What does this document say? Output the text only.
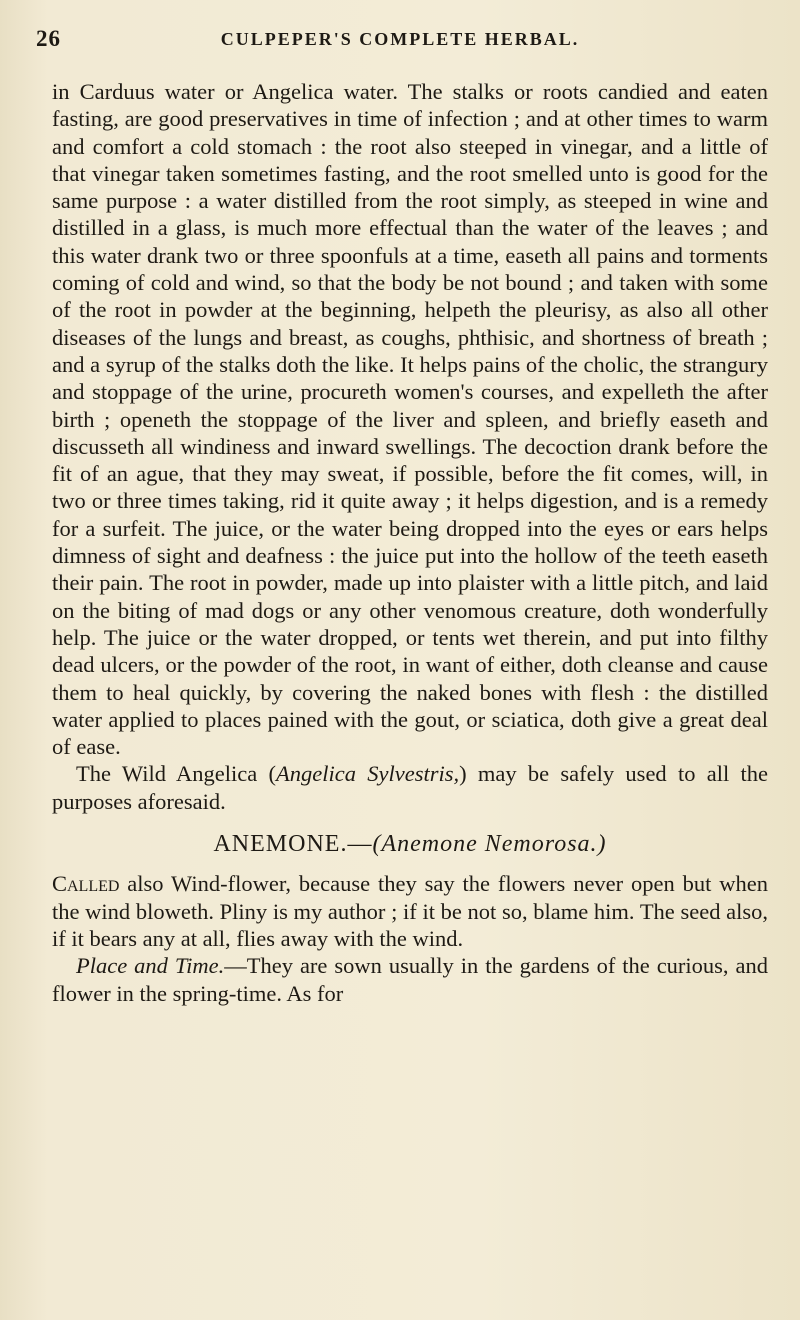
26	CULPEPER'S COMPLETE HERBAL.

in Carduus water or Angelica water. The stalks or roots candied and eaten fasting, are good preservatives in time of infection ; and at other times to warm and comfort a cold stomach : the root also steeped in vinegar, and a little of that vinegar taken sometimes fasting, and the root smelled unto is good for the same purpose : a water distilled from the root simply, as steeped in wine and distilled in a glass, is much more effectual than the water of the leaves ; and this water drank two or three spoonfuls at a time, easeth all pains and torments coming of cold and wind, so that the body be not bound ; and taken with some of the root in powder at the beginning, helpeth the pleurisy, as also all other diseases of the lungs and breast, as coughs, phthisic, and shortness of breath ; and a syrup of the stalks doth the like. It helps pains of the cholic, the strangury and stoppage of the urine, procureth women's courses, and expelleth the after birth ; openeth the stoppage of the liver and spleen, and briefly easeth and discusseth all windiness and inward swellings. The decoction drank before the fit of an ague, that they may sweat, if possible, before the fit comes, will, in two or three times taking, rid it quite away ; it helps digestion, and is a remedy for a surfeit. The juice, or the water being dropped into the eyes or ears helps dimness of sight and deafness : the juice put into the hollow of the teeth easeth their pain. The root in powder, made up into plaister with a little pitch, and laid on the biting of mad dogs or any other venomous creature, doth wonderfully help. The juice or the water dropped, or tents wet therein, and put into filthy dead ulcers, or the powder of the root, in want of either, doth cleanse and cause them to heal quickly, by covering the naked bones with flesh : the distilled water applied to places pained with the gout, or sciatica, doth give a great deal of ease.

The Wild Angelica (Angelica Sylvestris,) may be safely used to all the purposes aforesaid.

ANEMONE.—(Anemone Nemorosa.)

Called also Wind-flower, because they say the flowers never open but when the wind bloweth. Pliny is my author ; if it be not so, blame him. The seed also, if it bears any at all, flies away with the wind.

Place and Time.—They are sown usually in the gardens of the curious, and flower in the spring-time. As for
